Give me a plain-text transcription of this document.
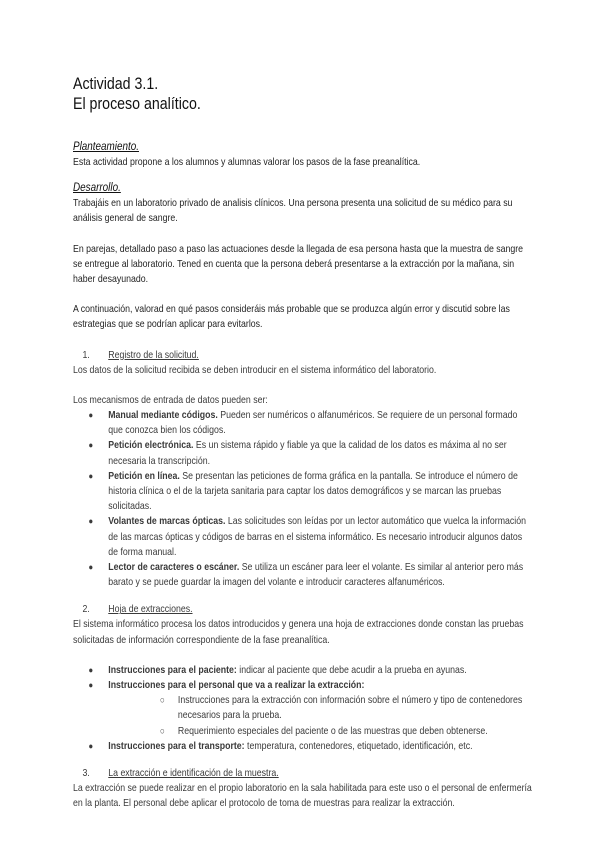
Actividad 3.1.
El proceso analítico.

Planteamiento.

Esta actividad propone a los alumnos y alumnas valorar los pasos de la fase preanalítica.

Desarrollo.

Trabajáis en un laboratorio privado de analisis clínicos. Una persona presenta una solicitud de su médico para su análisis general de sangre.

En parejas, detallado paso a paso las actuaciones desde la llegada de esa persona hasta que la muestra de sangre se entregue al laboratorio. Tened en cuenta que la persona deberá presentarse a la extracción por la mañana, sin haber desayunado.

A continuación, valorad en qué pasos consideráis más probable que se produzca algún error y discutid sobre las estrategias que se podrían aplicar para evitarlos.

1. Registro de la solicitud.

Los datos de la solicitud recibida se deben introducir en el sistema informático del laboratorio.

Los mecanismos de entrada de datos pueden ser:

● Manual mediante códigos. Pueden ser numéricos o alfanuméricos. Se requiere de un personal formado que conozca bien los códigos.
● Petición electrónica. Es un sistema rápido y fiable ya que la calidad de los datos es máxima al no ser necesaria la transcripción.
● Petición en línea. Se presentan las peticiones de forma gráfica en la pantalla. Se introduce el número de historia clínica o el de la tarjeta sanitaria para captar los datos demográficos y se marcan las pruebas solicitadas.
● Volantes de marcas ópticas. Las solicitudes son leídas por un lector automático que vuelca la información de las marcas ópticas y códigos de barras en el sistema informático. Es necesario introducir algunos datos de forma manual.
● Lector de caracteres o escáner. Se utiliza un escáner para leer el volante. Es similar al anterior pero más barato y se puede guardar la imagen del volante e introducir caracteres alfanuméricos.

2. Hoja de extracciones.

El sistema informático procesa los datos introducidos y genera una hoja de extracciones donde constan las pruebas solicitadas de información correspondiente de la fase preanalítica.

● Instrucciones para el paciente: indicar al paciente que debe acudir a la prueba en ayunas.
● Instrucciones para el personal que va a realizar la extracción:
○ Instrucciones para la extracción con información sobre el número y tipo de contenedores necesarios para la prueba.
○ Requerimiento especiales del paciente o de las muestras que deben obtenerse.
● Instrucciones para el transporte: temperatura, contenedores, etiquetado, identificación, etc.

3. La extracción e identificación de la muestra.

La extracción se puede realizar en el propio laboratorio en la sala habilitada para este uso o el personal de enfermería en la planta. El personal debe aplicar el protocolo de toma de muestras para realizar la extracción.
